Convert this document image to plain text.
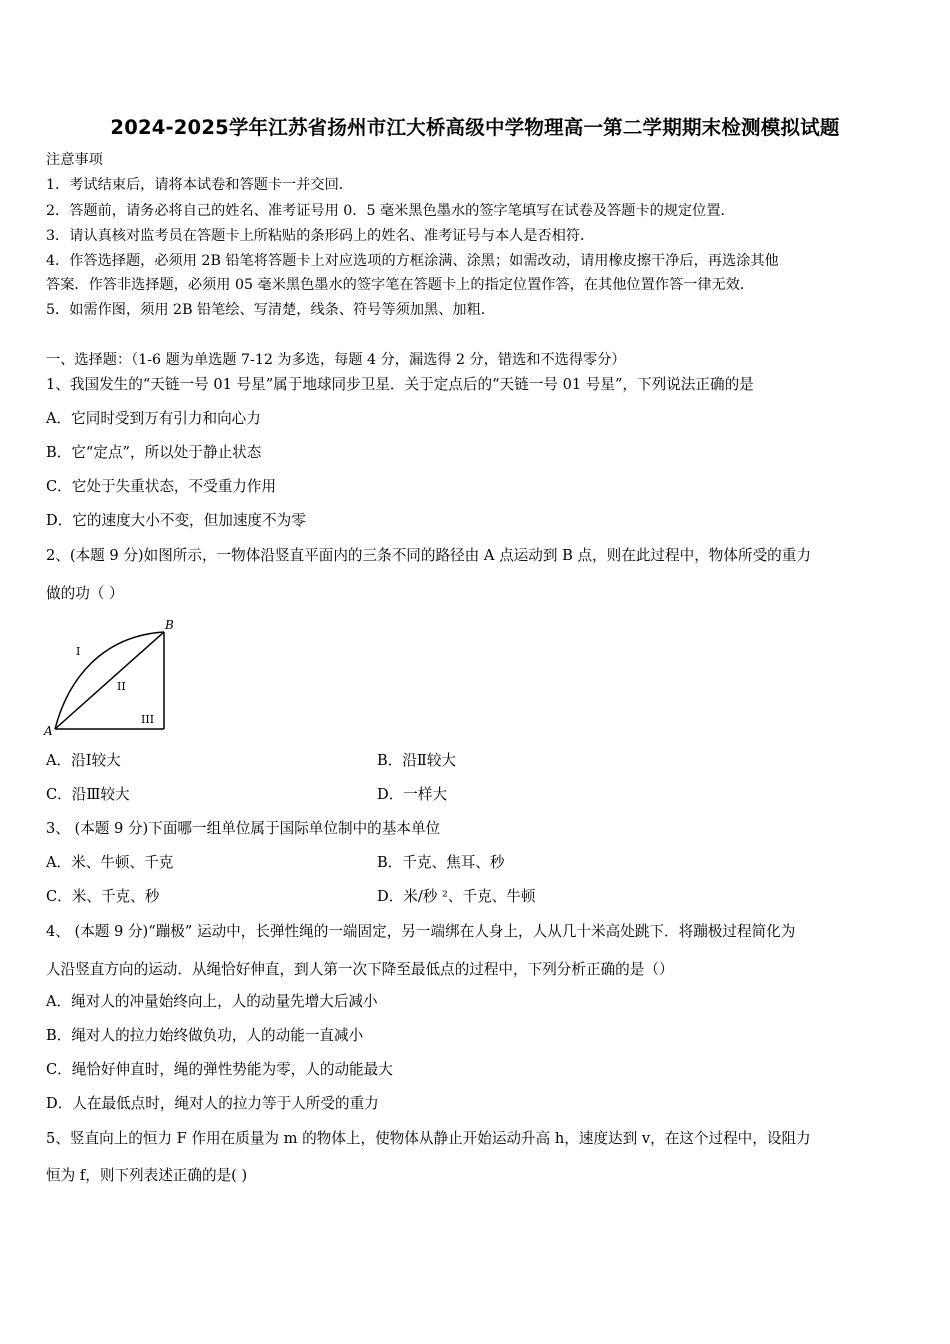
2024-2025学年江苏省扬州市江大桥高级中学物理高一第二学期期末检测模拟试题
注意事项
1．考试结束后，请将本试卷和答题卡一并交回．
2．答题前，请务必将自己的姓名、准考证号用 0．5 毫米黑色墨水的签字笔填写在试卷及答题卡的规定位置．
3．请认真核对监考员在答题卡上所粘贴的条形码上的姓名、准考证号与本人是否相符．
4．作答选择题，必须用 2B 铅笔将答题卡上对应选项的方框涂满、涂黑；如需改动，请用橡皮擦干净后，再选涂其他
答案．作答非选择题，必须用 05 毫米黑色墨水的签字笔在答题卡上的指定位置作答，在其他位置作答一律无效．
5．如需作图，须用 2B 铅笔绘、写清楚，线条、符号等须加黑、加粗．
一、选择题：（1-6 题为单选题 7-12 为多选，每题 4 分，漏选得 2 分，错选和不选得零分）
1、我国发生的“天链一号 01 号星”属于地球同步卫星．关于定点后的“天链一号 01 号星”，下列说法正确的是
A．它同时受到万有引力和向心力
B．它“定点”，所以处于静止状态
C．它处于失重状态，不受重力作用
D．它的速度大小不变，但加速度不为零
2、(本题 9 分)如图所示，一物体沿竖直平面内的三条不同的路径由 A 点运动到 B 点，则在此过程中，物体所受的重力
做的功（ ）
A
B
I
II
III
A．沿Ⅰ较大	B．沿Ⅱ较大
C．沿Ⅲ较大	D．一样大
3、 (本题 9 分)下面哪一组单位属于国际单位制中的基本单位
A．米、牛顿、千克	B．千克、焦耳、秒
C．米、千克、秒	D．米/秒 ²、千克、牛顿
4、 (本题 9 分)“蹦极” 运动中，长弹性绳的一端固定，另一端绑在人身上，人从几十米高处跳下．将蹦极过程简化为
人沿竖直方向的运动．从绳恰好伸直，到人第一次下降至最低点的过程中，下列分析正确的是（）
A．绳对人的冲量始终向上，人的动量先增大后减小
B．绳对人的拉力始终做负功，人的动能一直减小
C．绳恰好伸直时，绳的弹性势能为零，人的动能最大
D．人在最低点时，绳对人的拉力等于人所受的重力
5、竖直向上的恒力 F 作用在质量为 m 的物体上，使物体从静止开始运动升高 h，速度达到 v，在这个过程中，设阻力
恒为 f，则下列表述正确的是( )
